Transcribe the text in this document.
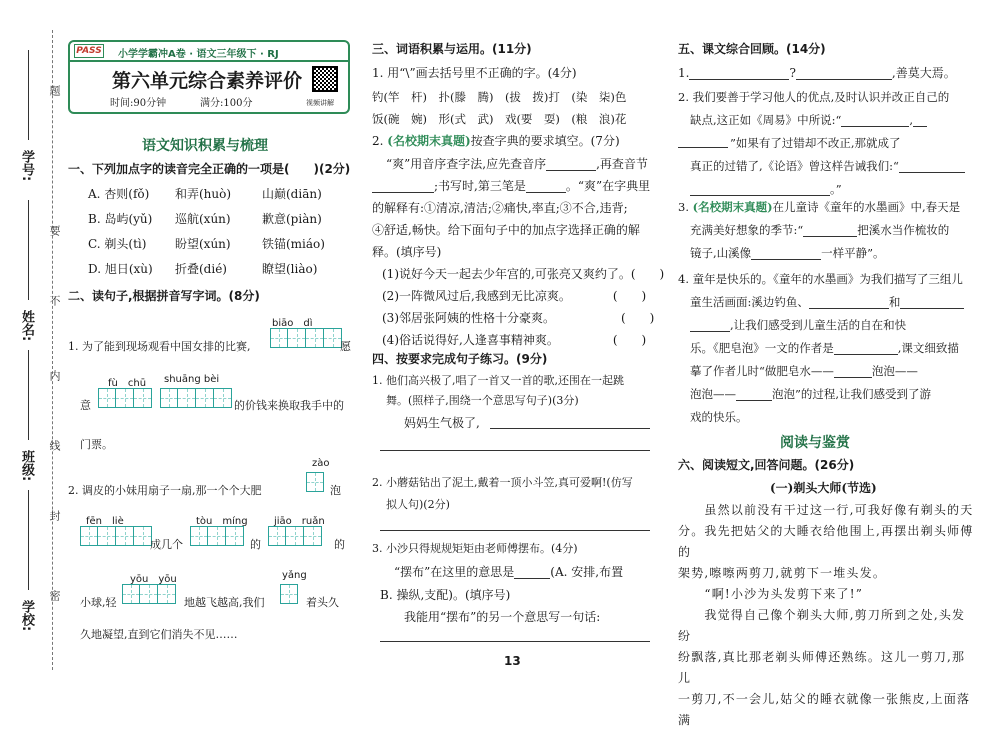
学号:
姓名:
班级:
学校:
题
要
不
内
线
封
密
PASS 小学学霸冲A卷 · 语文三年级下 · RJ
第六单元综合素养评价
时间:90分钟	满分:100分	视频讲解
语文知识积累与梳理
一、下列加点字的读音完全正确的一项是(　　)(2分)
A. 杏则(fǒ) 和弄(huò)	山巅(diān)
B. 岛屿(yǔ) 巡航(xún)	歉意(piàn)
C. 剃头(tì) 盼望(xún)	铁锚(miáo)
D. 旭日(xù) 折叠(dié)	瞭望(liào)
二、读句子,根据拼音写字词。(8分)
biāo　dì
1. 为了能到现场观看中国女排的比赛,	愿
fù　chū shuāng bèi
意	的价钱来换取我手中的
门票。
zào
2. 调皮的小妹用扇子一扇,那一个个大肥	泡
fēn　liè	tòu　míng	jiāo　ruǎn
成几个	的	的
yōu　yōu	yǎng
小球,轻	地越飞越高,我们	着头久
久地凝望,直到它们消失不见……
三、词语积累与运用。(11分)
1. 用“\”画去括号里不正确的字。(4分)
钓(竿　杆)　扑(滕　腾)　(拔　拨)打　(染　柒)色
饭(碗　婉)　形(式　武)　戏(要　耍)　(粮　浪)花
2. (名校期末真题)按查字典的要求填空。(7分)
“爽”用音序查字法,应先查音序	,再查音节
;书写时,第三笔是	。“爽”在字典里
的解释有:①清凉,清洁;②痛快,率直;③不合,违背;
④舒适,畅快。给下面句子中的加点字选择正确的解
释。(填序号)
(1)说好今天一起去少年宫的,可张亮又爽约了。(　　)
(2)一阵微风过后,我感到无比凉爽。　　　　(　　)
(3)邻居张阿姨的性格十分豪爽。　　　　　　(　　)
(4)俗话说得好,人逢喜事精神爽。　　　　　(　　)
四、按要求完成句子练习。(9分)
1. 他们高兴极了,唱了一首又一首的歌,还围在一起跳
舞。(照样子,围绕一个意思写句子)(3分)
妈妈生气极了,
2. 小蘑菇钻出了泥土,戴着一顶小斗笠,真可爱啊!(仿写
拟人句)(2分)
3. 小沙只得规规矩矩由老师傅摆布。(4分)
“摆布”在这里的意思是	(A. 安排,布置
B. 操纵,支配)。(填序号)
我能用“摆布”的另一个意思写一句话:
13
五、课文综合回顾。(14分)
1.	?	,善莫大焉。
2. 我们要善于学习他人的优点,及时认识并改正自己的
缺点,这正如《周易》中所说:“	,
”如果有了过错却不改正,那就成了
真正的过错了,《论语》曾这样告诫我们:“
。”
3. (名校期末真题)在儿童诗《童年的水墨画》中,春天是
充满美好想象的季节:“	把溪水当作梳妆的
镜子,山溪像	一样平静”。
4. 童年是快乐的。《童年的水墨画》为我们描写了三组儿
童生活画面:溪边钓鱼、	和
,让我们感受到儿童生活的自在和快
乐。《肥皂泡》一文的作者是	,课文细致描
摹了作者儿时“做肥皂水——	泡泡——
泡泡——	泡泡”的过程,让我们感受到了游
戏的快乐。
阅读与鉴赏
六、阅读短文,回答问题。(26分)
(一)剃头大师(节选)
　　虽然以前没有干过这一行,可我好像有剃头的天
分。我先把姑父的大睡衣给他围上,再摆出剃头师傅的
架势,嚓嚓两剪刀,就剪下一堆头发。
　　“啊!小沙为头发剪下来了!”
　　我觉得自己像个剃头大师,剪刀所到之处,头发纷
纷飘落,真比那老剃头师傅还熟练。这儿一剪刀,那儿
一剪刀,不一会儿,姑父的睡衣就像一张熊皮,上面落满
